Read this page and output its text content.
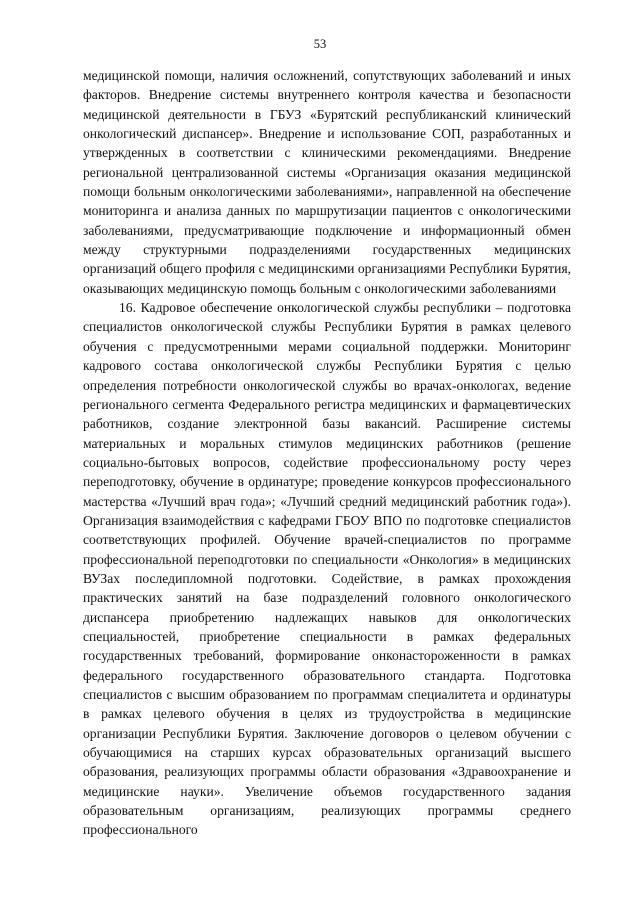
53

медицинской помощи, наличия осложнений, сопутствующих заболеваний и иных факторов. Внедрение системы внутреннего контроля качества и безопасности медицинской деятельности в ГБУЗ «Бурятский республиканский клинический онкологический диспансер». Внедрение и использование СОП, разработанных и утвержденных в соответствии с клиническими рекомендациями. Внедрение региональной централизованной системы «Организация оказания медицинской помощи больным онкологическими заболеваниями», направленной на обеспечение мониторинга и анализа данных по маршрутизации пациентов с онкологическими заболеваниями, предусматривающие подключение и информационный обмен между структурными подразделениями государственных медицинских организаций общего профиля с медицинскими организациями Республики Бурятия, оказывающих медицинскую помощь больным с онкологическими заболеваниями

16. Кадровое обеспечение онкологической службы республики – подготовка специалистов онкологической службы Республики Бурятия в рамках целевого обучения с предусмотренными мерами социальной поддержки. Мониторинг кадрового состава онкологической службы Республики Бурятия с целью определения потребности онкологической службы во врачах-онкологах, ведение регионального сегмента Федерального регистра медицинских и фармацевтических работников, создание электронной базы вакансий. Расширение системы материальных и моральных стимулов медицинских работников (решение социально-бытовых вопросов, содействие профессиональному росту через переподготовку, обучение в ординатуре; проведение конкурсов профессионального мастерства «Лучший врач года»; «Лучший средний медицинский работник года»). Организация взаимодействия с кафедрами ГБОУ ВПО по подготовке специалистов соответствующих профилей. Обучение врачей-специалистов по программе профессиональной переподготовки по специальности «Онкология» в медицинских ВУЗах последипломной подготовки. Содействие, в рамках прохождения практических занятий на базе подразделений головного онкологического диспансера приобретению надлежащих навыков для онкологических специальностей, приобретение специальности в рамках федеральных государственных требований, формирование онконастороженности в рамках федерального государственного образовательного стандарта. Подготовка специалистов с высшим образованием по программам специалитета и ординатуры в рамках целевого обучения в целях из трудоустройства в медицинские организации Республики Бурятия. Заключение договоров о целевом обучении с обучающимися на старших курсах образовательных организаций высшего образования, реализующих программы области образования «Здравоохранение и медицинские науки». Увеличение объемов государственного задания образовательным организациям, реализующих программы среднего профессионального
